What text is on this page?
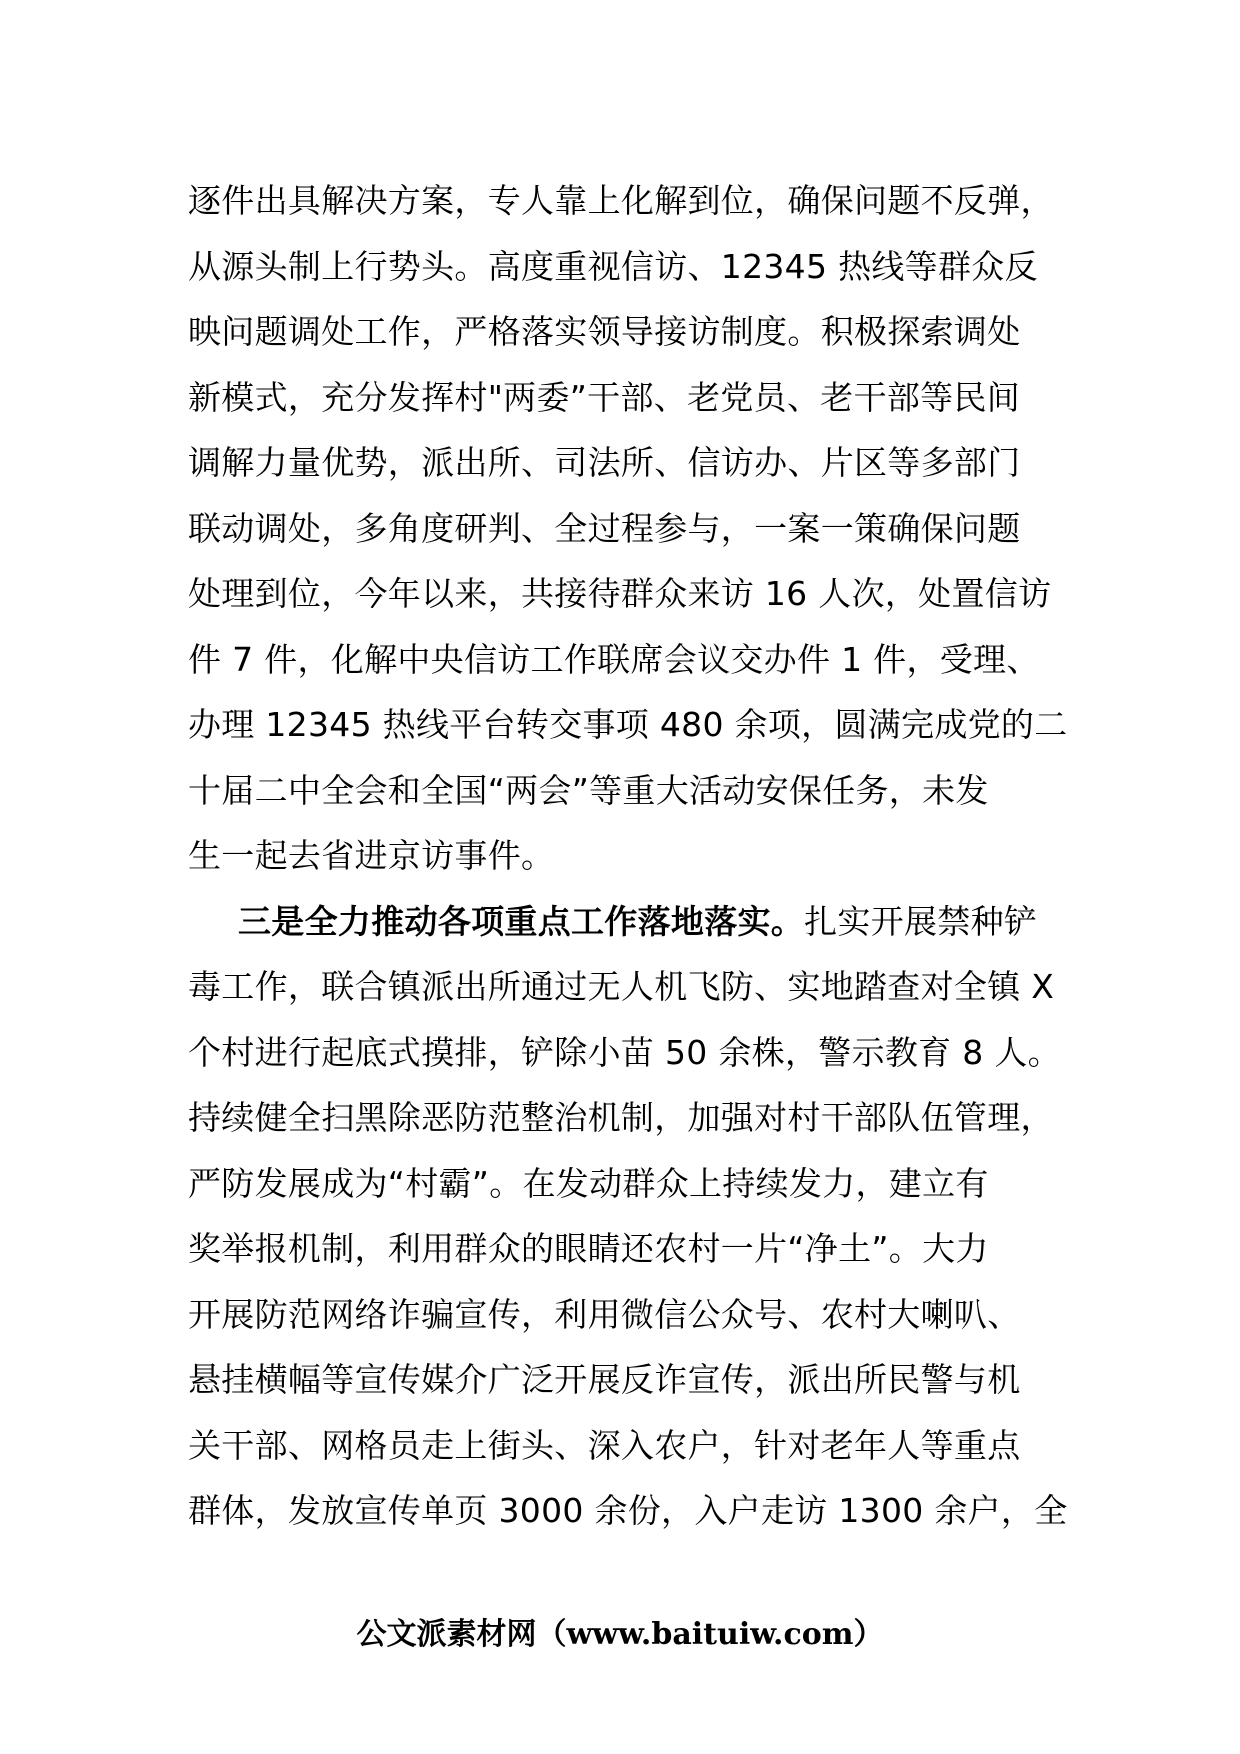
逐件出具解决方案，专人靠上化解到位，确保问题不反弹，
从源头制上行势头。高度重视信访、12345 热线等群众反
映问题调处工作，严格落实领导接访制度。积极探索调处
新模式，充分发挥村"两委”干部、老党员、老干部等民间
调解力量优势，派出所、司法所、信访办、片区等多部门
联动调处，多角度研判、全过程参与，一案一策确保问题
处理到位，今年以来，共接待群众来访 16 人次，处置信访
件 7 件，化解中央信访工作联席会议交办件 1 件，受理、
办理 12345 热线平台转交事项 480 余项，圆满完成党的二
十届二中全会和全国“两会”等重大活动安保任务，未发
生一起去省进京访事件。
三是全力推动各项重点工作落地落实。扎实开展禁种铲
毒工作，联合镇派出所通过无人机飞防、实地踏查对全镇 X
个村进行起底式摸排，铲除小苗 50 余株，警示教育 8 人。
持续健全扫黑除恶防范整治机制，加强对村干部队伍管理，
严防发展成为“村霸”。在发动群众上持续发力，建立有
奖举报机制，利用群众的眼睛还农村一片“净土”。大力
开展防范网络诈骗宣传，利用微信公众号、农村大喇叭、
悬挂横幅等宣传媒介广泛开展反诈宣传，派出所民警与机
关干部、网格员走上街头、深入农户，针对老年人等重点
群体，发放宣传单页 3000 余份，入户走访 1300 余户，全
公文派素材网（www.baituiw.com）
